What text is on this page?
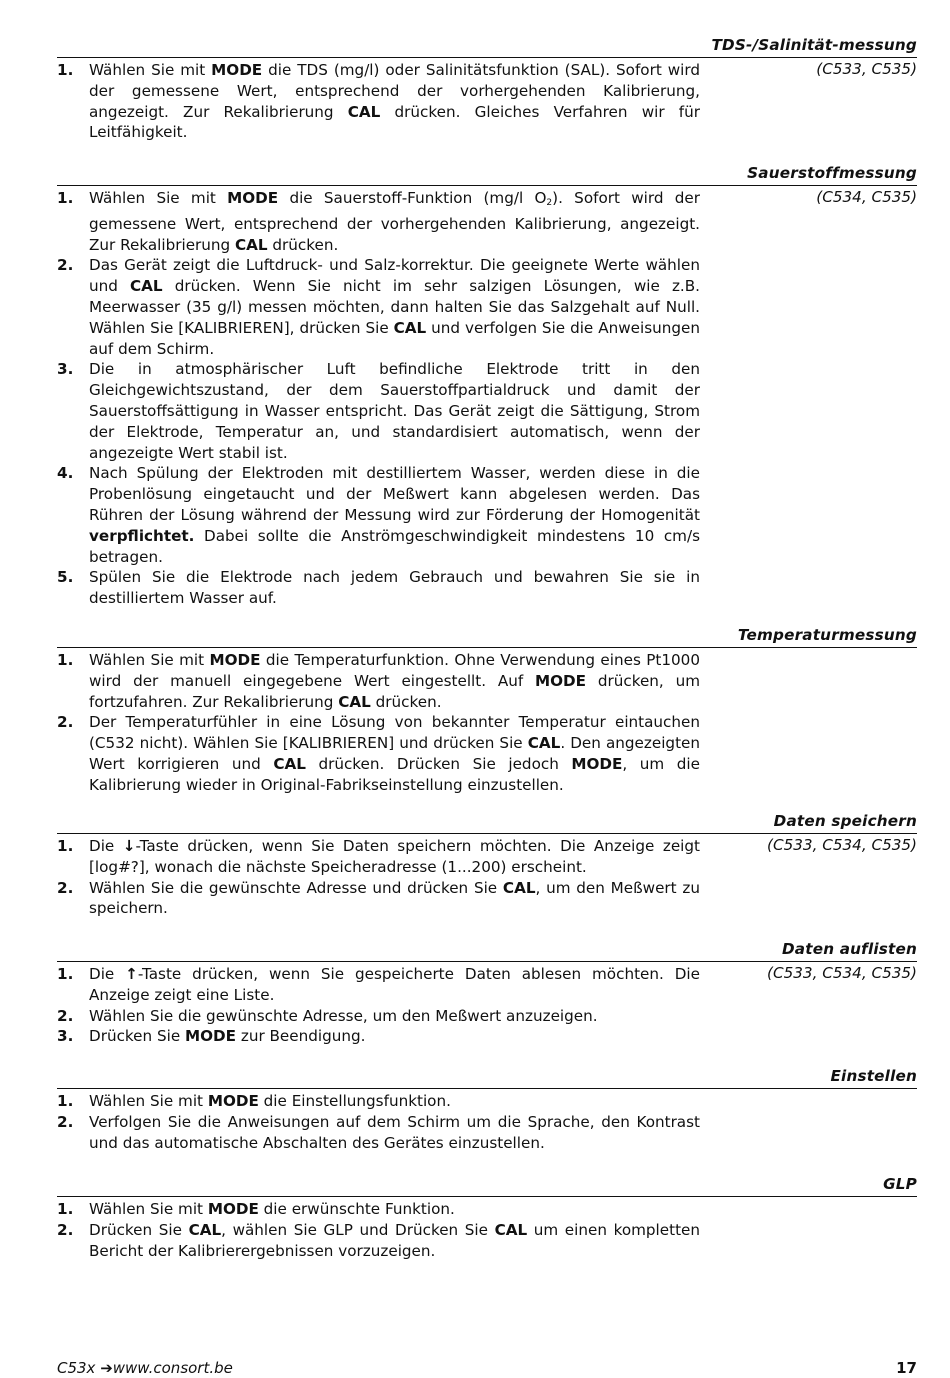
TDS-/Salinität-messung
(C533, C535)
1. Wählen Sie mit MODE die TDS (mg/l) oder Salinitätsfunktion (SAL). Sofort wird der gemessene Wert, entsprechend der vorhergehenden Kalibrierung, angezeigt. Zur Rekalibrierung CAL drücken. Gleiches Verfahren wir für Leitfähigkeit.
Sauerstoffmessung
(C534, C535)
1. Wählen Sie mit MODE die Sauerstoff-Funktion (mg/l $O_2$). Sofort wird der gemessene Wert, entsprechend der vorhergehenden Kalibrierung, angezeigt. Zur Rekalibrierung CAL drücken.
2. Das Gerät zeigt die Luftdruck- und Salz-korrektur. Die geeignete Werte wählen und CAL drücken. Wenn Sie nicht im sehr salzigen Lösungen, wie z.B. Meerwasser (35 g/l) messen möchten, dann halten Sie das Salzgehalt auf Null. Wählen Sie [KALIBRIEREN], drücken Sie CAL und verfolgen Sie die Anweisungen auf dem Schirm.
3. Die in atmosphärischer Luft befindliche Elektrode tritt in den Gleichgewichtszustand, der dem Sauerstoffpartialdruck und damit der Sauerstoffsättigung in Wasser entspricht. Das Gerät zeigt die Sättigung, Strom der Elektrode, Temperatur an, und standardisiert automatisch, wenn der angezeigte Wert stabil ist.
4. Nach Spülung der Elektroden mit destilliertem Wasser, werden diese in die Probenlösung eingetaucht und der Meßwert kann abgelesen werden. Das Rühren der Lösung während der Messung wird zur Förderung der Homogenität verpflichtet. Dabei sollte die Anströmgeschwindigkeit mindestens 10 cm/s betragen.
5. Spülen Sie die Elektrode nach jedem Gebrauch und bewahren Sie sie in destilliertem Wasser auf.
Temperaturmessung
1. Wählen Sie mit MODE die Temperaturfunktion. Ohne Verwendung eines Pt1000 wird der manuell eingegebene Wert eingestellt. Auf MODE drücken, um fortzufahren. Zur Rekalibrierung CAL drücken.
2. Der Temperaturfühler in eine Lösung von bekannter Temperatur eintauchen (C532 nicht). Wählen Sie [KALIBRIEREN] und drücken Sie CAL. Den angezeigten Wert korrigieren und CAL drücken. Drücken Sie jedoch MODE, um die Kalibrierung wieder in Original-Fabrikseinstellung einzustellen.
Daten speichern
(C533, C534, C535)
1. Die ↓-Taste drücken, wenn Sie Daten speichern möchten. Die Anzeige zeigt [log#?], wonach die nächste Speicheradresse (1...200) erscheint.
2. Wählen Sie die gewünschte Adresse und drücken Sie CAL, um den Meßwert zu speichern.
Daten auflisten
(C533, C534, C535)
1. Die ↑-Taste drücken, wenn Sie gespeicherte Daten ablesen möchten. Die Anzeige zeigt eine Liste.
2. Wählen Sie die gewünschte Adresse, um den Meßwert anzuzeigen.
3. Drücken Sie MODE zur Beendigung.
Einstellen
1. Wählen Sie mit MODE die Einstellungsfunktion.
2. Verfolgen Sie die Anweisungen auf dem Schirm um die Sprache, den Kontrast und das automatische Abschalten des Gerätes einzustellen.
GLP
1. Wählen Sie mit MODE die erwünschte Funktion.
2. Drücken Sie CAL, wählen Sie GLP und Drücken Sie CAL um einen kompletten Bericht der Kalibrierergebnissen vorzuzeigen.
C53x ➔www.consort.be	17
